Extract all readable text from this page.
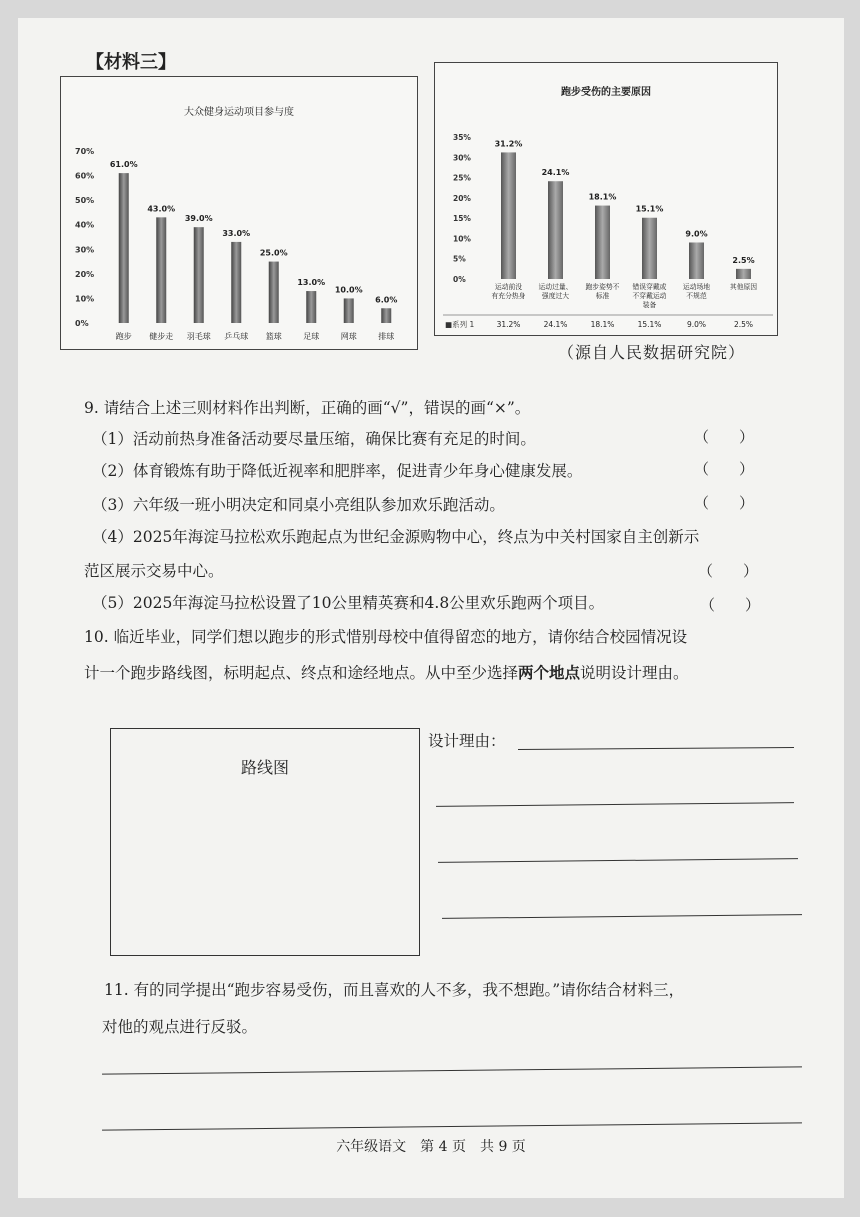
【材料三】
大众健身运动项目参与度
0%
10%
20%
30%
40%
50%
60%
70%
61.0%
跑步
43.0%
健步走
39.0%
羽毛球
33.0%
乒乓球
25.0%
篮球
13.0%
足球
10.0%
网球
6.0%
排球
跑步受伤的主要原因
0%
5%
10%
15%
20%
25%
30%
35%
■系列 1
31.2%
运动前没
有充分热身
31.2%
24.1%
运动过量、
强度过大
24.1%
18.1%
跑步姿势不
标准
18.1%
15.1%
错误穿戴或
不穿戴运动
装备
15.1%
9.0%
运动场地
不规范
9.0%
2.5%
其他原因
2.5%
（源自人民数据研究院）
9. 请结合上述三则材料作出判断，正确的画“√”，错误的画“×”。
（1）活动前热身准备活动要尽量压缩，确保比赛有充足的时间。	（　　）
（2）体育锻炼有助于降低近视率和肥胖率，促进青少年身心健康发展。	（　　）
（3）六年级一班小明决定和同桌小亮组队参加欢乐跑活动。	（　　）
（4）2025年海淀马拉松欢乐跑起点为世纪金源购物中心，终点为中关村国家自主创新示
（　　）
范区展示交易中心。
（5）2025年海淀马拉松设置了10公里精英赛和4.8公里欢乐跑两个项目。	（　　）
10. 临近毕业，同学们想以跑步的形式惜别母校中值得留恋的地方，请你结合校园情况设
计一个跑步路线图，标明起点、终点和途经地点。从中至少选择两个地点说明设计理由。
路线图
设计理由：
11. 有的同学提出“跑步容易受伤，而且喜欢的人不多，我不想跑。”请你结合材料三，
对他的观点进行反驳。
六年级语文　第 4 页　共 9 页
